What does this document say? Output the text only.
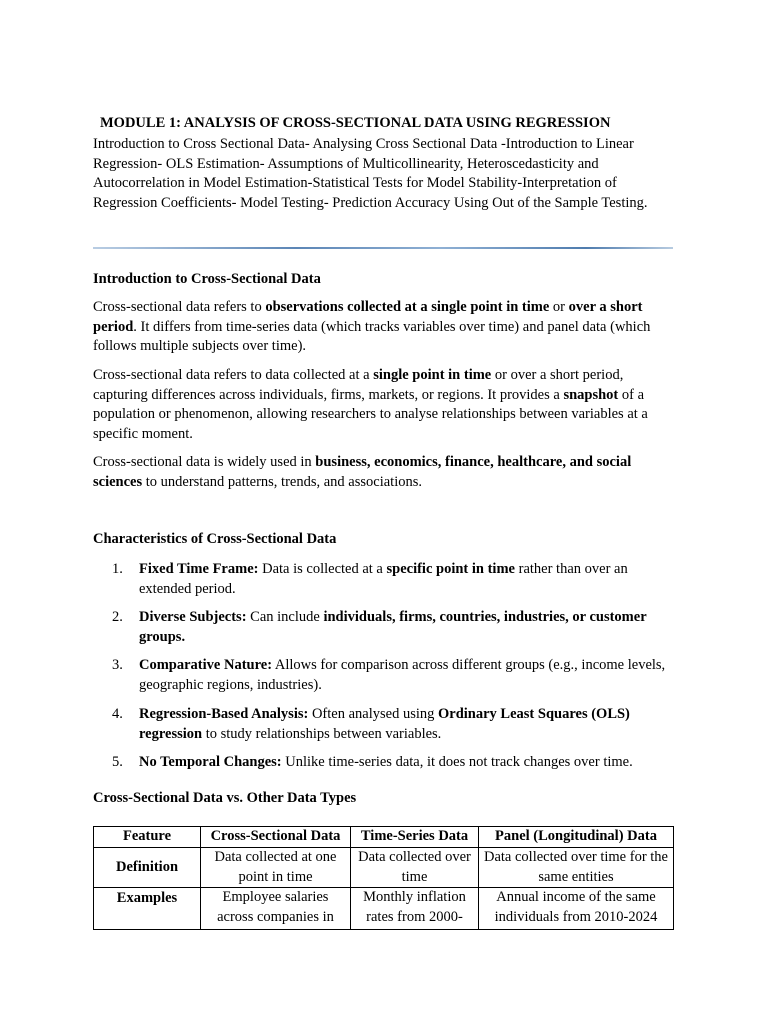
MODULE 1: ANALYSIS OF CROSS-SECTIONAL DATA USING REGRESSION

Introduction to Cross Sectional Data- Analysing Cross Sectional Data -Introduction to Linear Regression- OLS Estimation- Assumptions of Multicollinearity, Heteroscedasticity and Autocorrelation in Model Estimation-Statistical Tests for Model Stability-Interpretation of Regression Coefficients- Model Testing- Prediction Accuracy Using Out of the Sample Testing.

Introduction to Cross-Sectional Data

Cross-sectional data refers to observations collected at a single point in time or over a short period. It differs from time-series data (which tracks variables over time) and panel data (which follows multiple subjects over time).

Cross-sectional data refers to data collected at a single point in time or over a short period, capturing differences across individuals, firms, markets, or regions. It provides a snapshot of a population or phenomenon, allowing researchers to analyse relationships between variables at a specific moment.

Cross-sectional data is widely used in business, economics, finance, healthcare, and social sciences to understand patterns, trends, and associations.

Characteristics of Cross-Sectional Data
1. Fixed Time Frame: Data is collected at a specific point in time rather than over an extended period.
2. Diverse Subjects: Can include individuals, firms, countries, industries, or customer groups.
3. Comparative Nature: Allows for comparison across different groups (e.g., income levels, geographic regions, industries).
4. Regression-Based Analysis: Often analysed using Ordinary Least Squares (OLS) regression to study relationships between variables.
5. No Temporal Changes: Unlike time-series data, it does not track changes over time.
Cross-Sectional Data vs. Other Data Types
Feature	Cross-Sectional Data	Time-Series Data	Panel (Longitudinal) Data
Definition	Data collected at one point in time	Data collected over time	Data collected over time for the same entities
Examples	Employee salaries across companies in	Monthly inflation rates from 2000-	Annual income of the same individuals from 2010-2024
